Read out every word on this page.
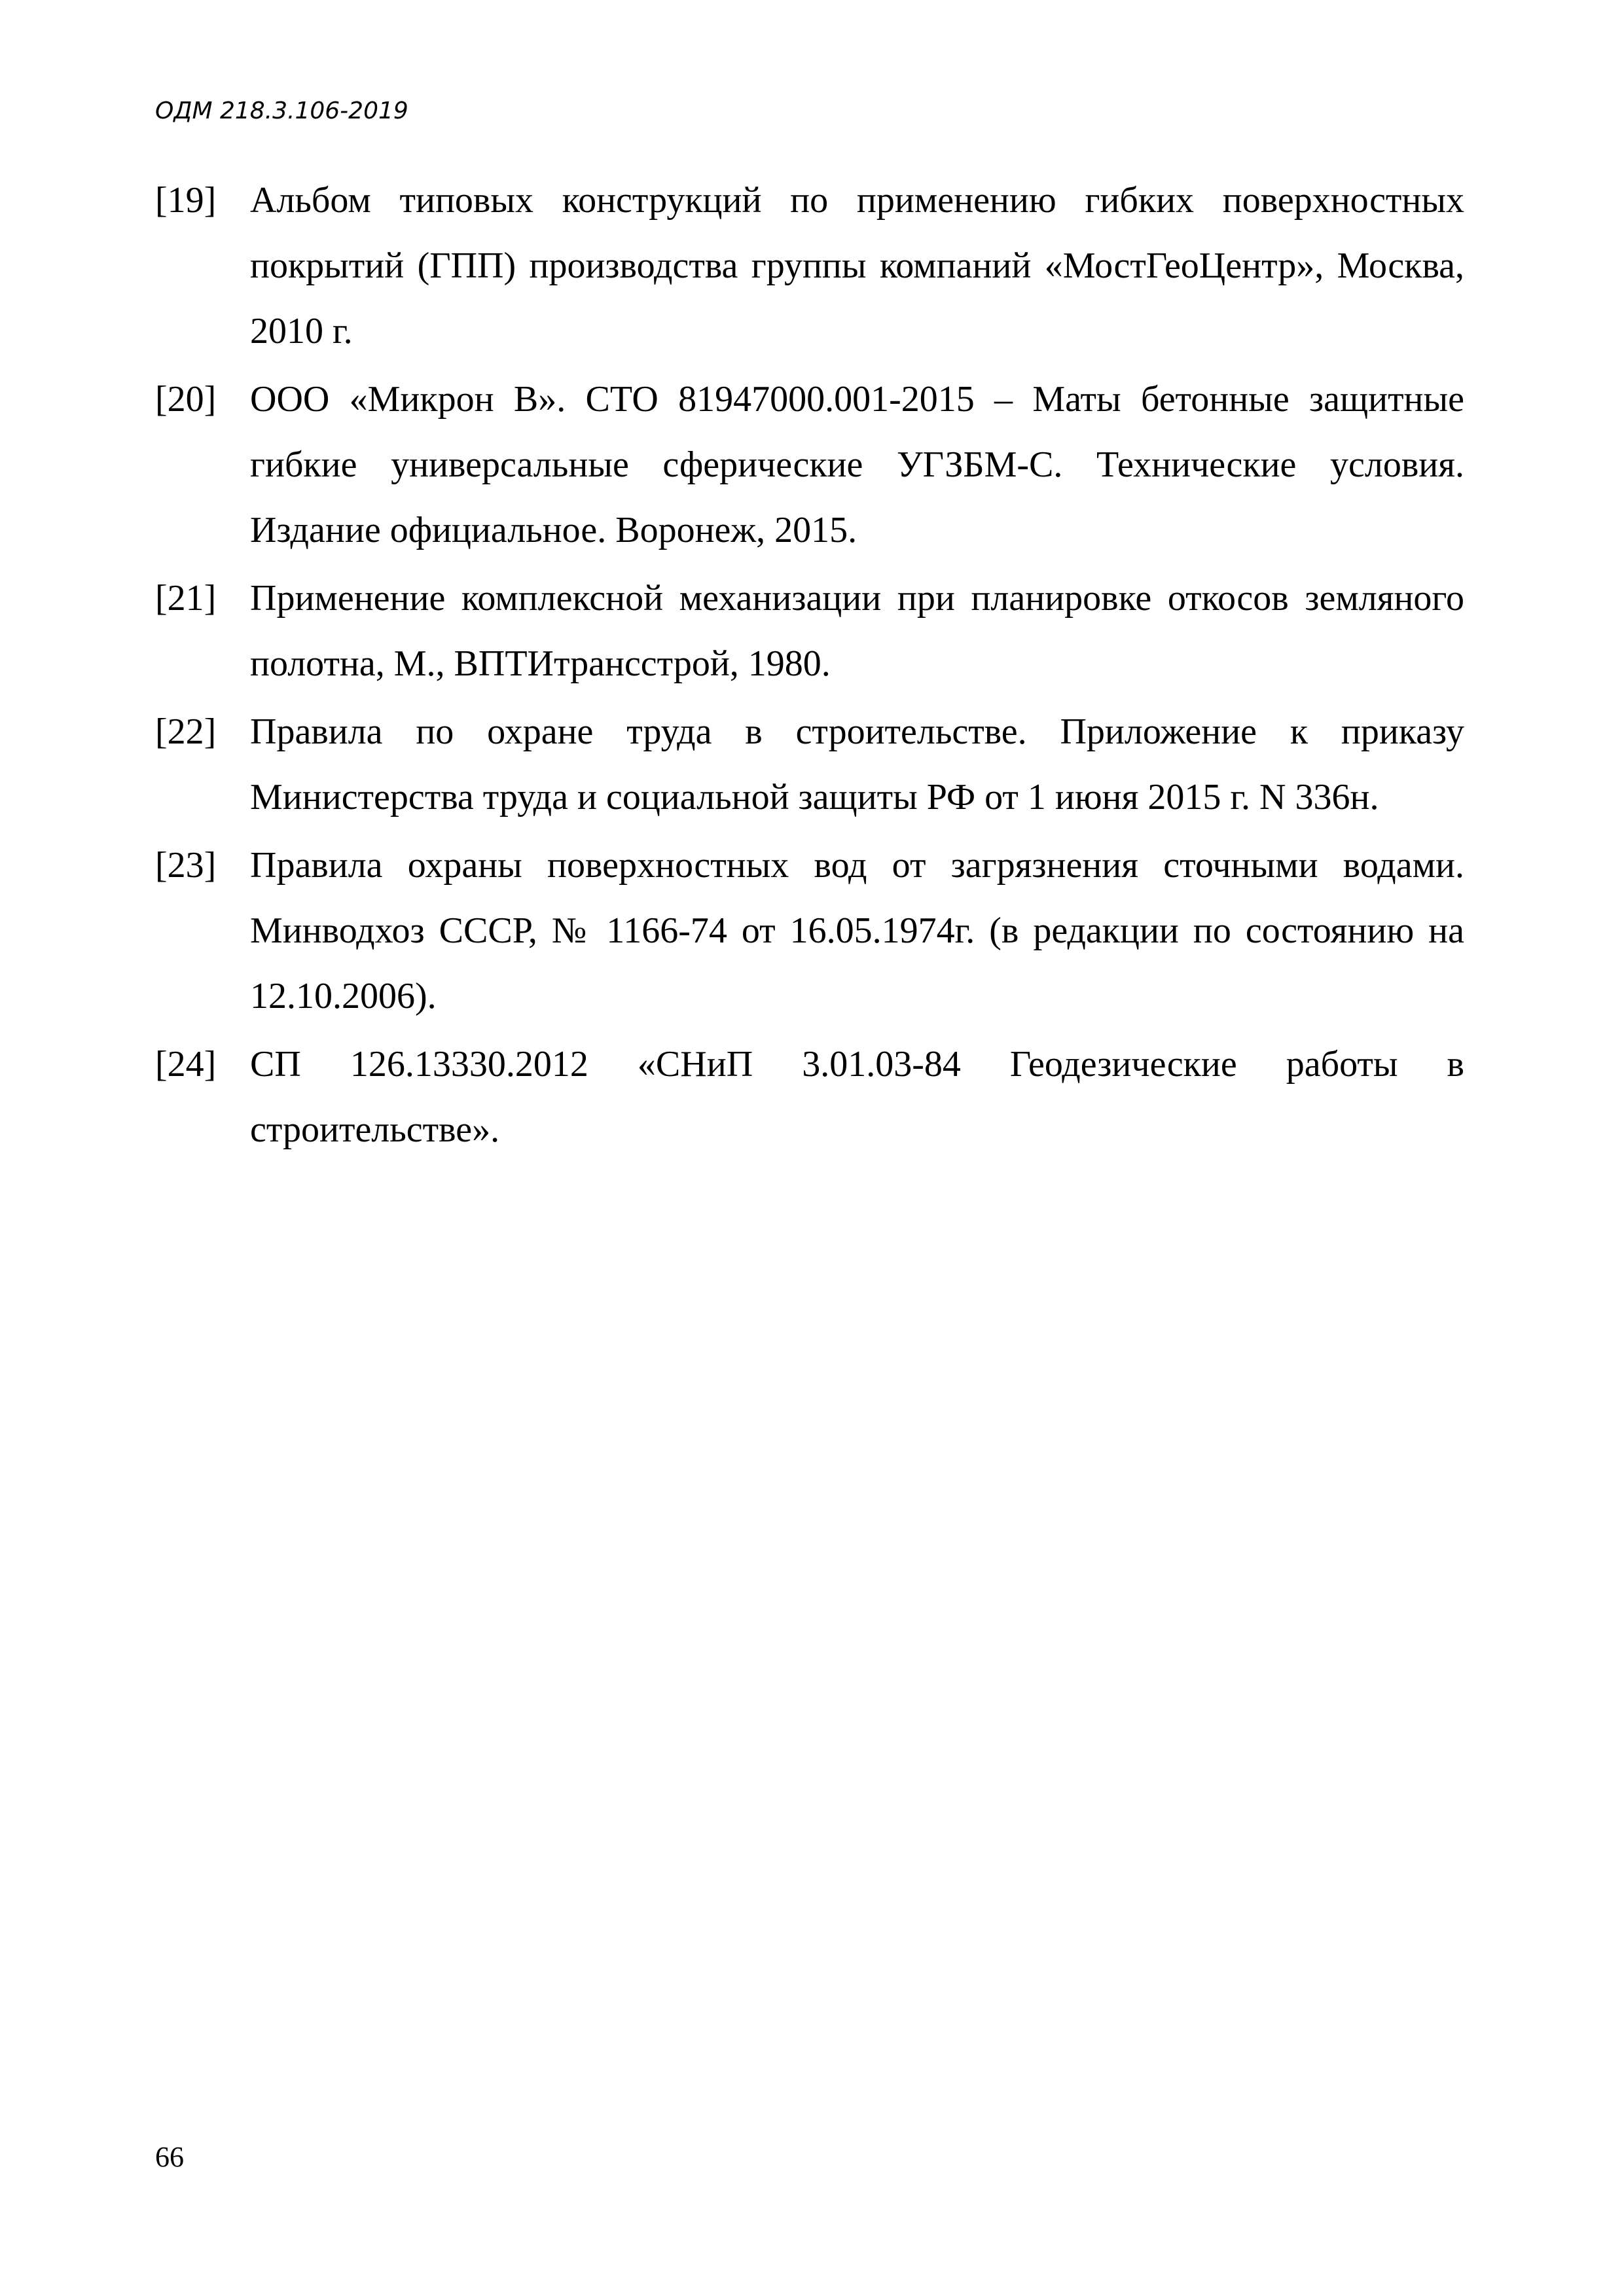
ОДМ 218.3.106-2019
[19] Альбом типовых конструкций по применению гибких поверхностных покрытий (ГПП) производства группы компаний «МостГеоЦентр», Москва, 2010 г.
[20] ООО «Микрон В». СТО 81947000.001-2015 – Маты бетонные защитные гибкие универсальные сферические УГЗБМ-С. Технические условия. Издание официальное. Воронеж, 2015.
[21] Применение комплексной механизации при планировке откосов земляного полотна, М., ВПТИтрансстрой, 1980.
[22] Правила по охране труда в строительстве. Приложение к приказу Министерства труда и социальной защиты РФ от 1 июня 2015 г. N 336н.
[23] Правила охраны поверхностных вод от загрязнения сточными водами. Минводхоз СССР, № 1166-74 от 16.05.1974г. (в редакции по состоянию на 12.10.2006).
[24] СП 126.13330.2012 «СНиП 3.01.03-84 Геодезические работы в строительстве».
66
